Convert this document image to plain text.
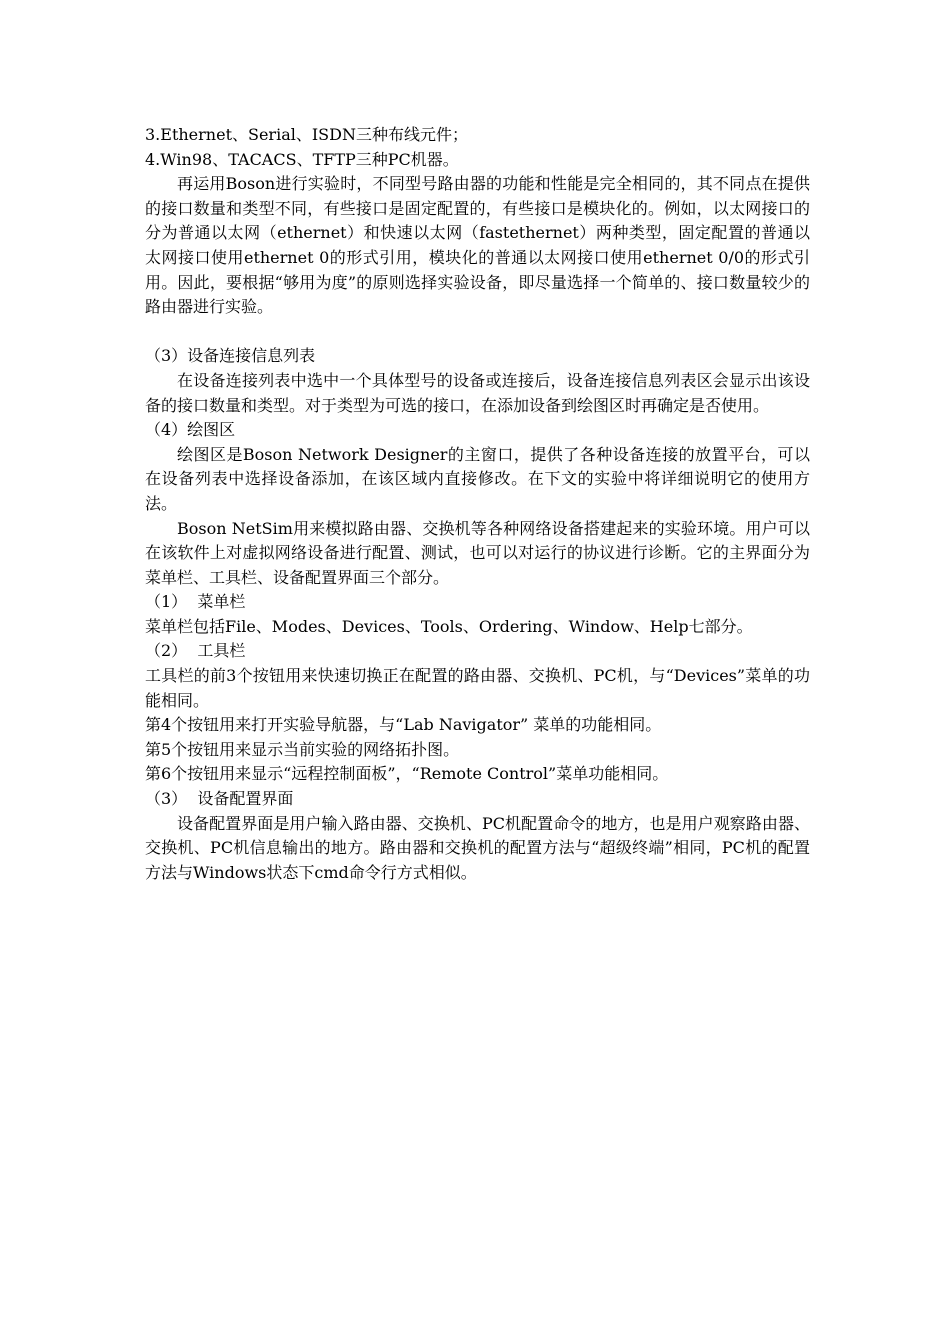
3.Ethernet、Serial、ISDN三种布线元件；
4.Win98、TACACS、TFTP三种PC机器。
再运用Boson进行实验时，不同型号路由器的功能和性能是完全相同的，其不同点在提供的接口数量和类型不同，有些接口是固定配置的，有些接口是模块化的。例如，以太网接口的分为普通以太网（ethernet）和快速以太网（fastethernet）两种类型，固定配置的普通以太网接口使用ethernet 0的形式引用，模块化的普通以太网接口使用ethernet 0/0的形式引用。因此，要根据“够用为度”的原则选择实验设备，即尽量选择一个简单的、接口数量较少的路由器进行实验。
（3）设备连接信息列表
在设备连接列表中选中一个具体型号的设备或连接后，设备连接信息列表区会显示出该设备的接口数量和类型。对于类型为可选的接口，在添加设备到绘图区时再确定是否使用。
（4）绘图区
绘图区是Boson Network Designer的主窗口，提供了各种设备连接的放置平台，可以在设备列表中选择设备添加，在该区域内直接修改。在下文的实验中将详细说明它的使用方法。
Boson NetSim用来模拟路由器、交换机等各种网络设备搭建起来的实验环境。用户可以在该软件上对虚拟网络设备进行配置、测试，也可以对运行的协议进行诊断。它的主界面分为菜单栏、工具栏、设备配置界面三个部分。
（1）  菜单栏
菜单栏包括File、Modes、Devices、Tools、Ordering、Window、Help七部分。
（2）  工具栏
工具栏的前3个按钮用来快速切换正在配置的路由器、交换机、PC机，与“Devices”菜单的功能相同。
第4个按钮用来打开实验导航器，与“Lab Navigator” 菜单的功能相同。
第5个按钮用来显示当前实验的网络拓扑图。
第6个按钮用来显示“远程控制面板”，“Remote Control”菜单功能相同。
（3）  设备配置界面
设备配置界面是用户输入路由器、交换机、PC机配置命令的地方，也是用户观察路由器、交换机、PC机信息输出的地方。路由器和交换机的配置方法与“超级终端”相同，PC机的配置方法与Windows状态下cmd命令行方式相似。
